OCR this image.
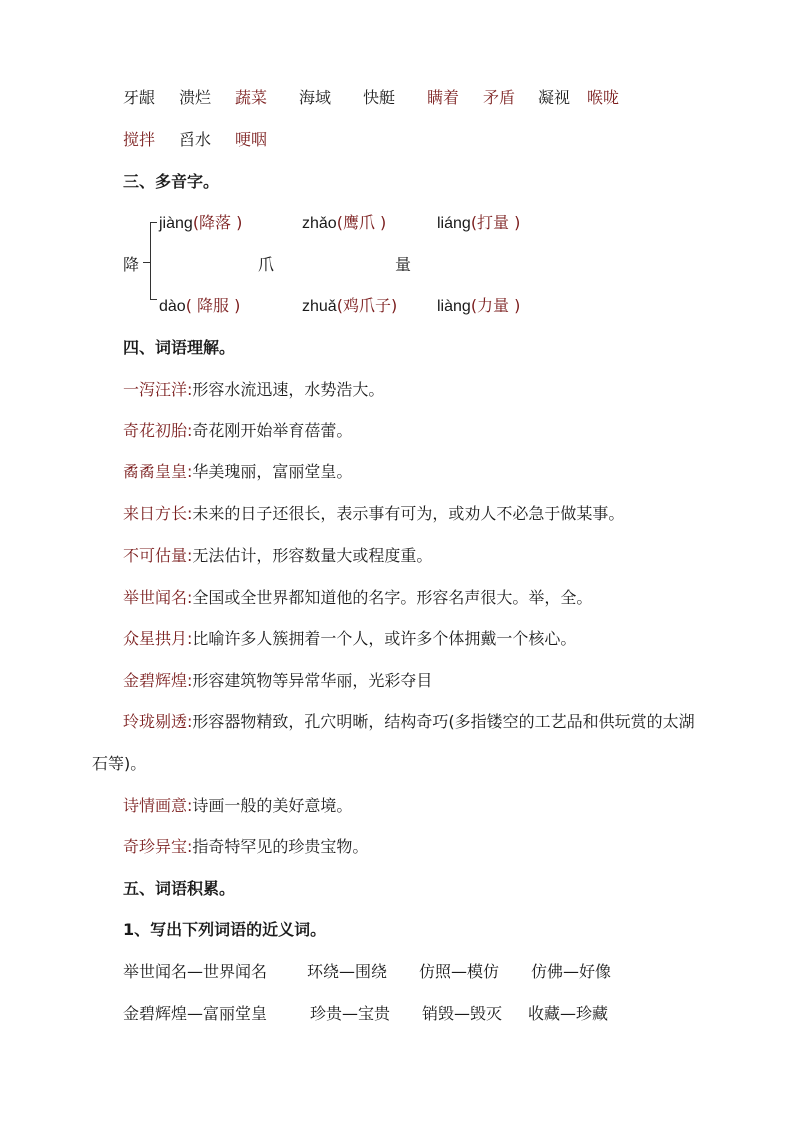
牙龈 溃烂 蔬菜 海域 快艇 瞒着 矛盾 凝视 喉咙
搅拌 舀水 哽咽
三、多音字。
降
jiàng(降落 )
dào( 降服 )
zhǎo(鹰爪 )
爪
zhuǎ(鸡爪子)
liáng(打量 )
量
liàng(力量 )
四、词语理解。
一泻汪洋:形容水流迅速，水势浩大。
奇花初胎:奇花刚开始举育蓓蕾。
矞矞皇皇:华美瑰丽，富丽堂皇。
来日方长:未来的日子还很长，表示事有可为，或劝人不必急于做某事。
不可估量:无法估计，形容数量大或程度重。
举世闻名:全国或全世界都知道他的名字。形容名声很大。举，全。
众星拱月:比喻许多人簇拥着一个人，或许多个体拥戴一个核心。
金碧辉煌:形容建筑物等异常华丽，光彩夺目
玲珑剔透:形容器物精致，孔穴明晰，结构奇巧(多指镂空的工艺品和供玩赏的太湖
石等)。
诗情画意:诗画一般的美好意境。
奇珍异宝:指奇特罕见的珍贵宝物。
五、词语积累。
1、写出下列词语的近义词。
举世闻名—世界闻名 环绕—围绕 仿照—模仿 仿佛—好像
金碧辉煌—富丽堂皇	珍贵—宝贵 销毁—毁灭 收藏—珍藏
